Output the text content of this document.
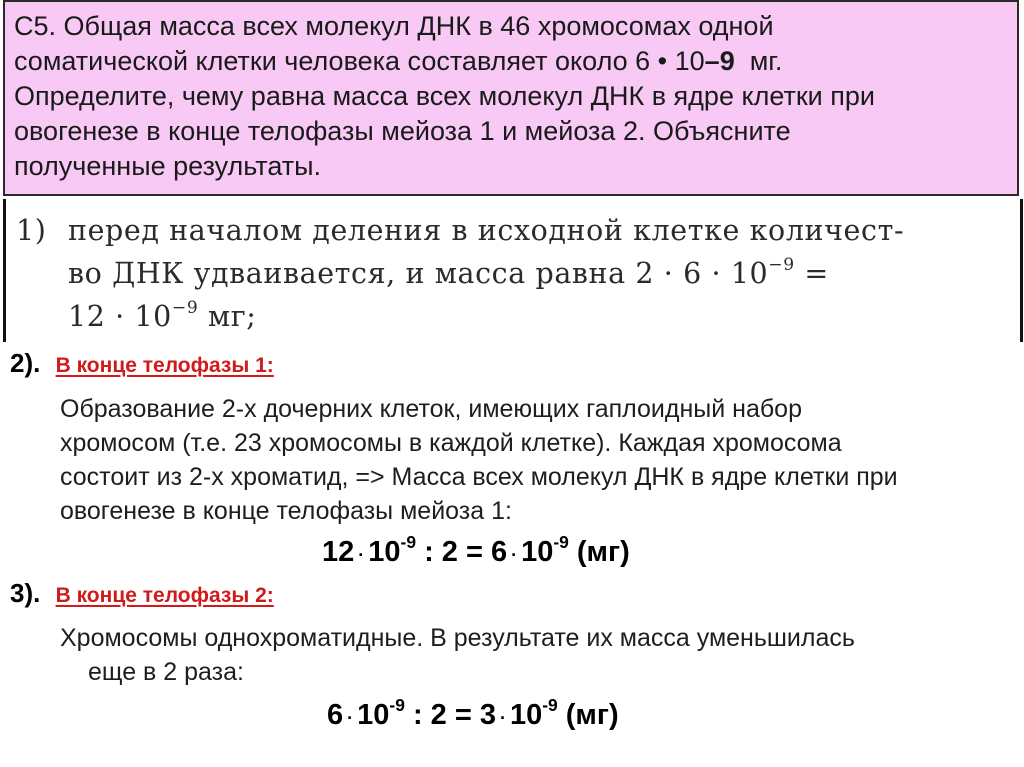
С5. Общая масса всех молекул ДНК в 46 хромосомах одной
соматической клетки человека составляет около 6 • 10–9 мг.
Определите, чему равна масса всех молекул ДНК в ядре клетки при
овогенезе в конце телофазы мейоза 1 и мейоза 2. Объясните
полученные результаты.
1) перед началом деления в исходной клетке количест-
во ДНК удваивается, и масса равна $2 \cdot 6 \cdot 10^{-9}$ =
$12 \cdot 10^{-9}$ мг;
2). В конце телофазы 1:
Образование 2-х дочерних клеток, имеющих гаплоидный набор
хромосом (т.е. 23 хромосомы в каждой клетке). Каждая хромосома
состоит из 2-х хроматид, => Масса всех молекул ДНК в ядре клетки при
овогенезе в конце телофазы мейоза 1:
$12 \cdot 10^{-9}$ : $2 = 6 \cdot 10^{-9}$ (мг)
3). В конце телофазы 2:
Хромосомы однохроматидные. В результате их масса уменьшилась
еще в 2 раза:
$6 \cdot 10^{-9}$ : $2 = 3 \cdot 10^{-9}$ (мг)
